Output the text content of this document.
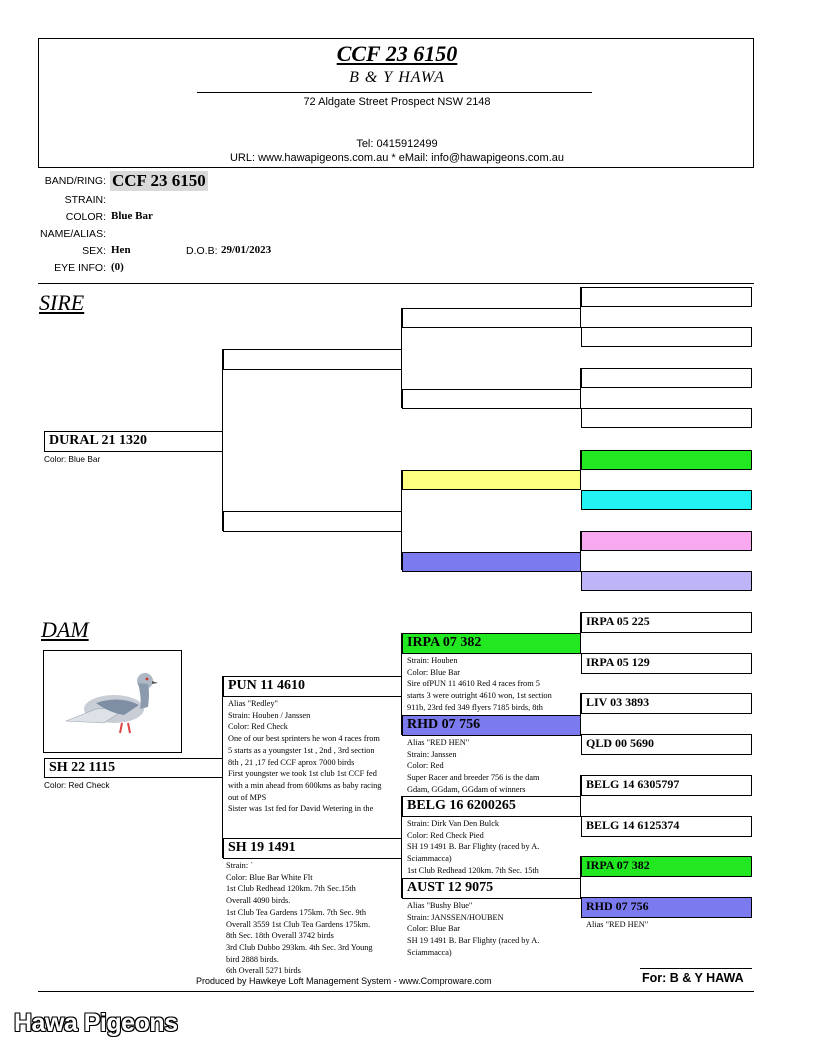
CCF 23 6150
B & Y HAWA
72 Aldgate Street Prospect NSW 2148
Tel: 0415912499
URL: www.hawapigeons.com.au * eMail: info@hawapigeons.com.au
BAND/RING: CCF 23 6150
STRAIN:
COLOR: Blue Bar
NAME/ALIAS:
SEX: Hen	D.O.B: 29/01/2023
EYE INFO: (0)
SIRE
DURAL 21 1320
Color: Blue Bar
DAM
SH 22 1115
Color: Red Check
PUN 11 4610
Alias "Redley"
Strain: Houben / Janssen
Color: Red Check
One of our best sprinters he won 4 races from
5 starts as a youngster 1st , 2nd , 3rd section
8th , 21 ,17 fed CCF aprox 7000 birds
First youngster we took 1st club 1st CCF fed
with a min ahead from 600kms as baby racing
out of MPS
Sister was 1st fed for David Wetering in the
SH 19 1491
Strain: `
Color: Blue Bar White Flt
1st Club Redhead 120km. 7th Sec.15th
Overall 4090 birds.
1st Club Tea Gardens 175km. 7th Sec. 9th
Overall 3559 1st Club Tea Gardens 175km.
8th Sec. 18th Overall 3742 birds
3rd Club Dubbo 293km. 4th Sec. 3rd Young
bird 2888 birds.
6th Overall 5271 birds
IRPA 07 382
Strain: Houben
Color: Blue Bar
Sire ofPUN 11 4610 Red 4 races from 5
starts 3 were outright 4610 won, 1st section
911b, 23rd fed 349 flyers 7185 birds, 8th
RHD 07 756
Alias "RED HEN"
Strain: Janssen
Color: Red
Super Racer and breeder 756 is the dam
Gdam, GGdam, GGdam of winners
BELG 16 6200265
Strain: Dirk Van Den Bulck
Color: Red Check Pied
SH 19 1491 B. Bar Flighty (raced by A.
Sciammacca)
1st Club Redhead 120km. 7th Sec. 15th
AUST 12 9075
Alias "Bushy Blue"
Strain: JANSSEN/HOUBEN
Color: Blue Bar
SH 19 1491 B. Bar Flighty (raced by A.
Sciammacca)
IRPA 05 225
IRPA 05 129
LIV 03 3893
QLD 00 5690
BELG 14 6305797
BELG 14 6125374
IRPA 07 382
RHD 07 756
Alias "RED HEN"
Produced by Hawkeye Loft Management System - www.Comproware.com	For: B & Y HAWA
Hawa Pigeons
